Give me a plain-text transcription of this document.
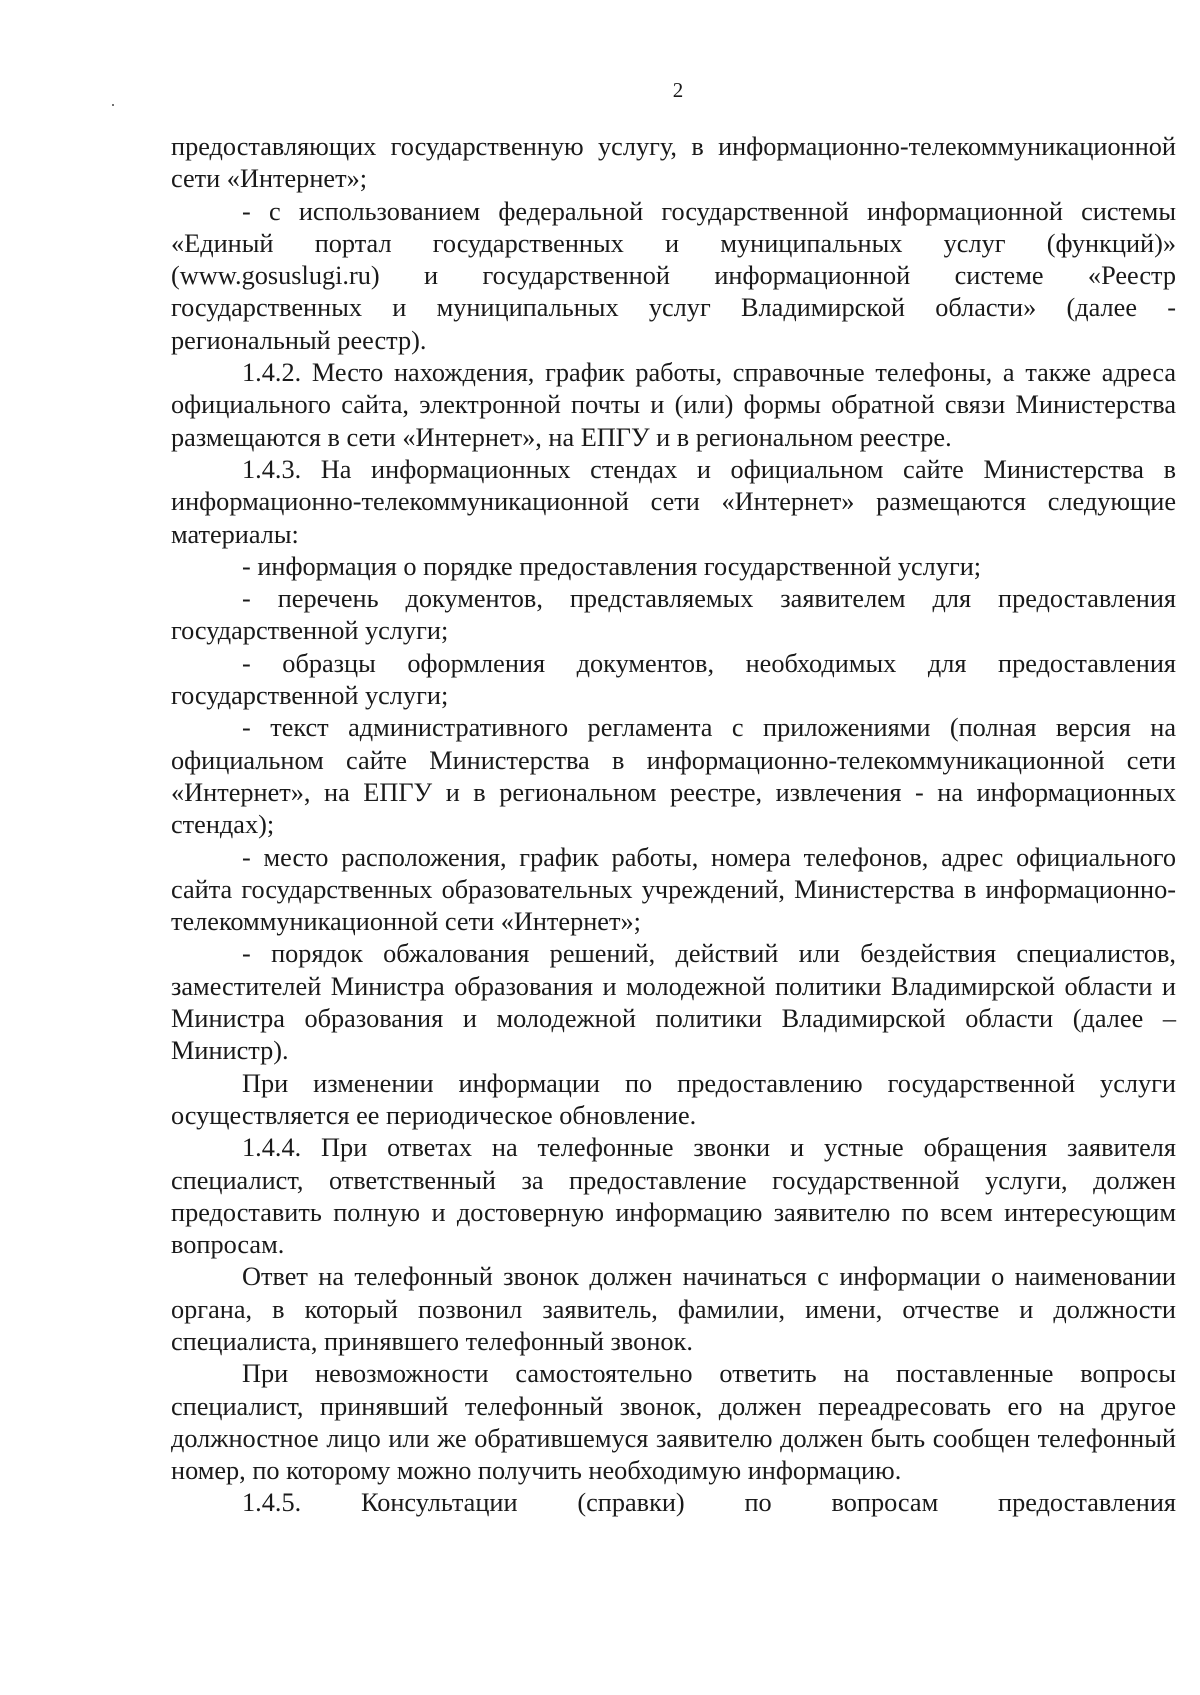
2

предоставляющих государственную услугу, в информационно-телекоммуникационной сети «Интернет»;

- с использованием федеральной государственной информационной системы «Единый портал государственных и муниципальных услуг (функций)» (www.gosuslugi.ru) и государственной информационной системе «Реестр государственных и муниципальных услуг Владимирской области» (далее - региональный реестр).

1.4.2. Место нахождения, график работы, справочные телефоны, а также адреса официального сайта, электронной почты и (или) формы обратной связи Министерства размещаются в сети «Интернет», на ЕПГУ и в региональном реестре.

1.4.3. На информационных стендах и официальном сайте Министерства в информационно-телекоммуникационной сети «Интернет» размещаются следующие материалы:

- информация о порядке предоставления государственной услуги;

- перечень документов, представляемых заявителем для предоставления государственной услуги;

- образцы оформления документов, необходимых для предоставления государственной услуги;

- текст административного регламента с приложениями (полная версия на официальном сайте Министерства в информационно-телекоммуникационной сети «Интернет», на ЕПГУ и в региональном реестре, извлечения - на информационных стендах);

- место расположения, график работы, номера телефонов, адрес официального сайта государственных образовательных учреждений, Министерства в информационно-телекоммуникационной сети «Интернет»;

- порядок обжалования решений, действий или бездействия специалистов, заместителей Министра образования и молодежной политики Владимирской области и Министра образования и молодежной политики Владимирской области (далее – Министр).

При изменении информации по предоставлению государственной услуги осуществляется ее периодическое обновление.

1.4.4. При ответах на телефонные звонки и устные обращения заявителя специалист, ответственный за предоставление государственной услуги, должен предоставить полную и достоверную информацию заявителю по всем интересующим вопросам.

Ответ на телефонный звонок должен начинаться с информации о наименовании органа, в который позвонил заявитель, фамилии, имени, отчестве и должности специалиста, принявшего телефонный звонок.

При невозможности самостоятельно ответить на поставленные вопросы специалист, принявший телефонный звонок, должен переадресовать его на другое должностное лицо или же обратившемуся заявителю должен быть сообщен телефонный номер, по которому можно получить необходимую информацию.

1.4.5. Консультации (справки) по вопросам предоставления
